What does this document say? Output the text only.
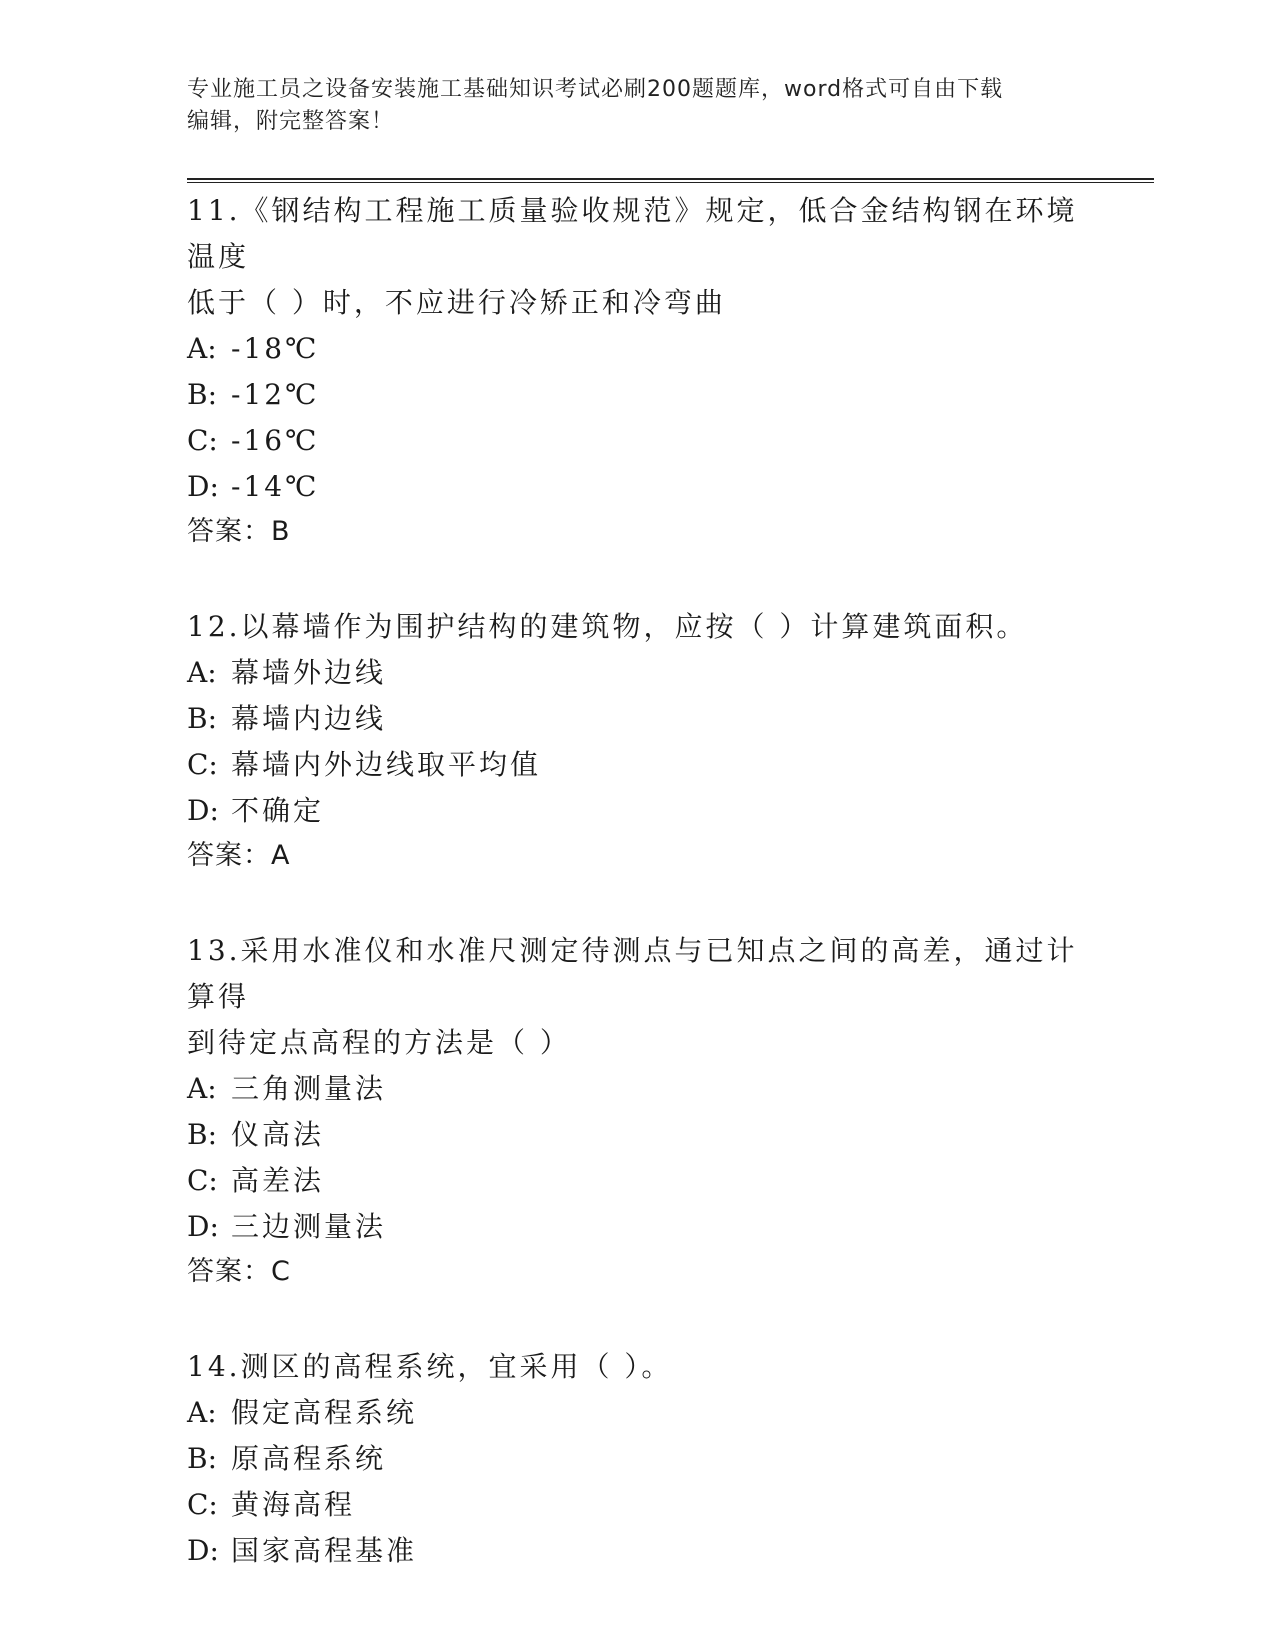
专业施工员之设备安装施工基础知识考试必刷200题题库，word格式可自由下载
编辑，附完整答案！
11.《钢结构工程施工质量验收规范》规定，低合金结构钢在环境温度
低于（ ）时，不应进行冷矫正和冷弯曲
A: -18℃
B: -12℃
C: -16℃
D: -14℃
答案：B
12.以幕墙作为围护结构的建筑物，应按（ ）计算建筑面积。
A: 幕墙外边线
B: 幕墙内边线
C: 幕墙内外边线取平均值
D: 不确定
答案：A
13.采用水准仪和水准尺测定待测点与已知点之间的高差，通过计算得
到待定点高程的方法是（ ）
A: 三角测量法
B: 仪高法
C: 高差法
D: 三边测量法
答案：C
14.测区的高程系统，宜采用（ ）。
A: 假定高程系统
B: 原高程系统
C: 黄海高程
D: 国家高程基准
